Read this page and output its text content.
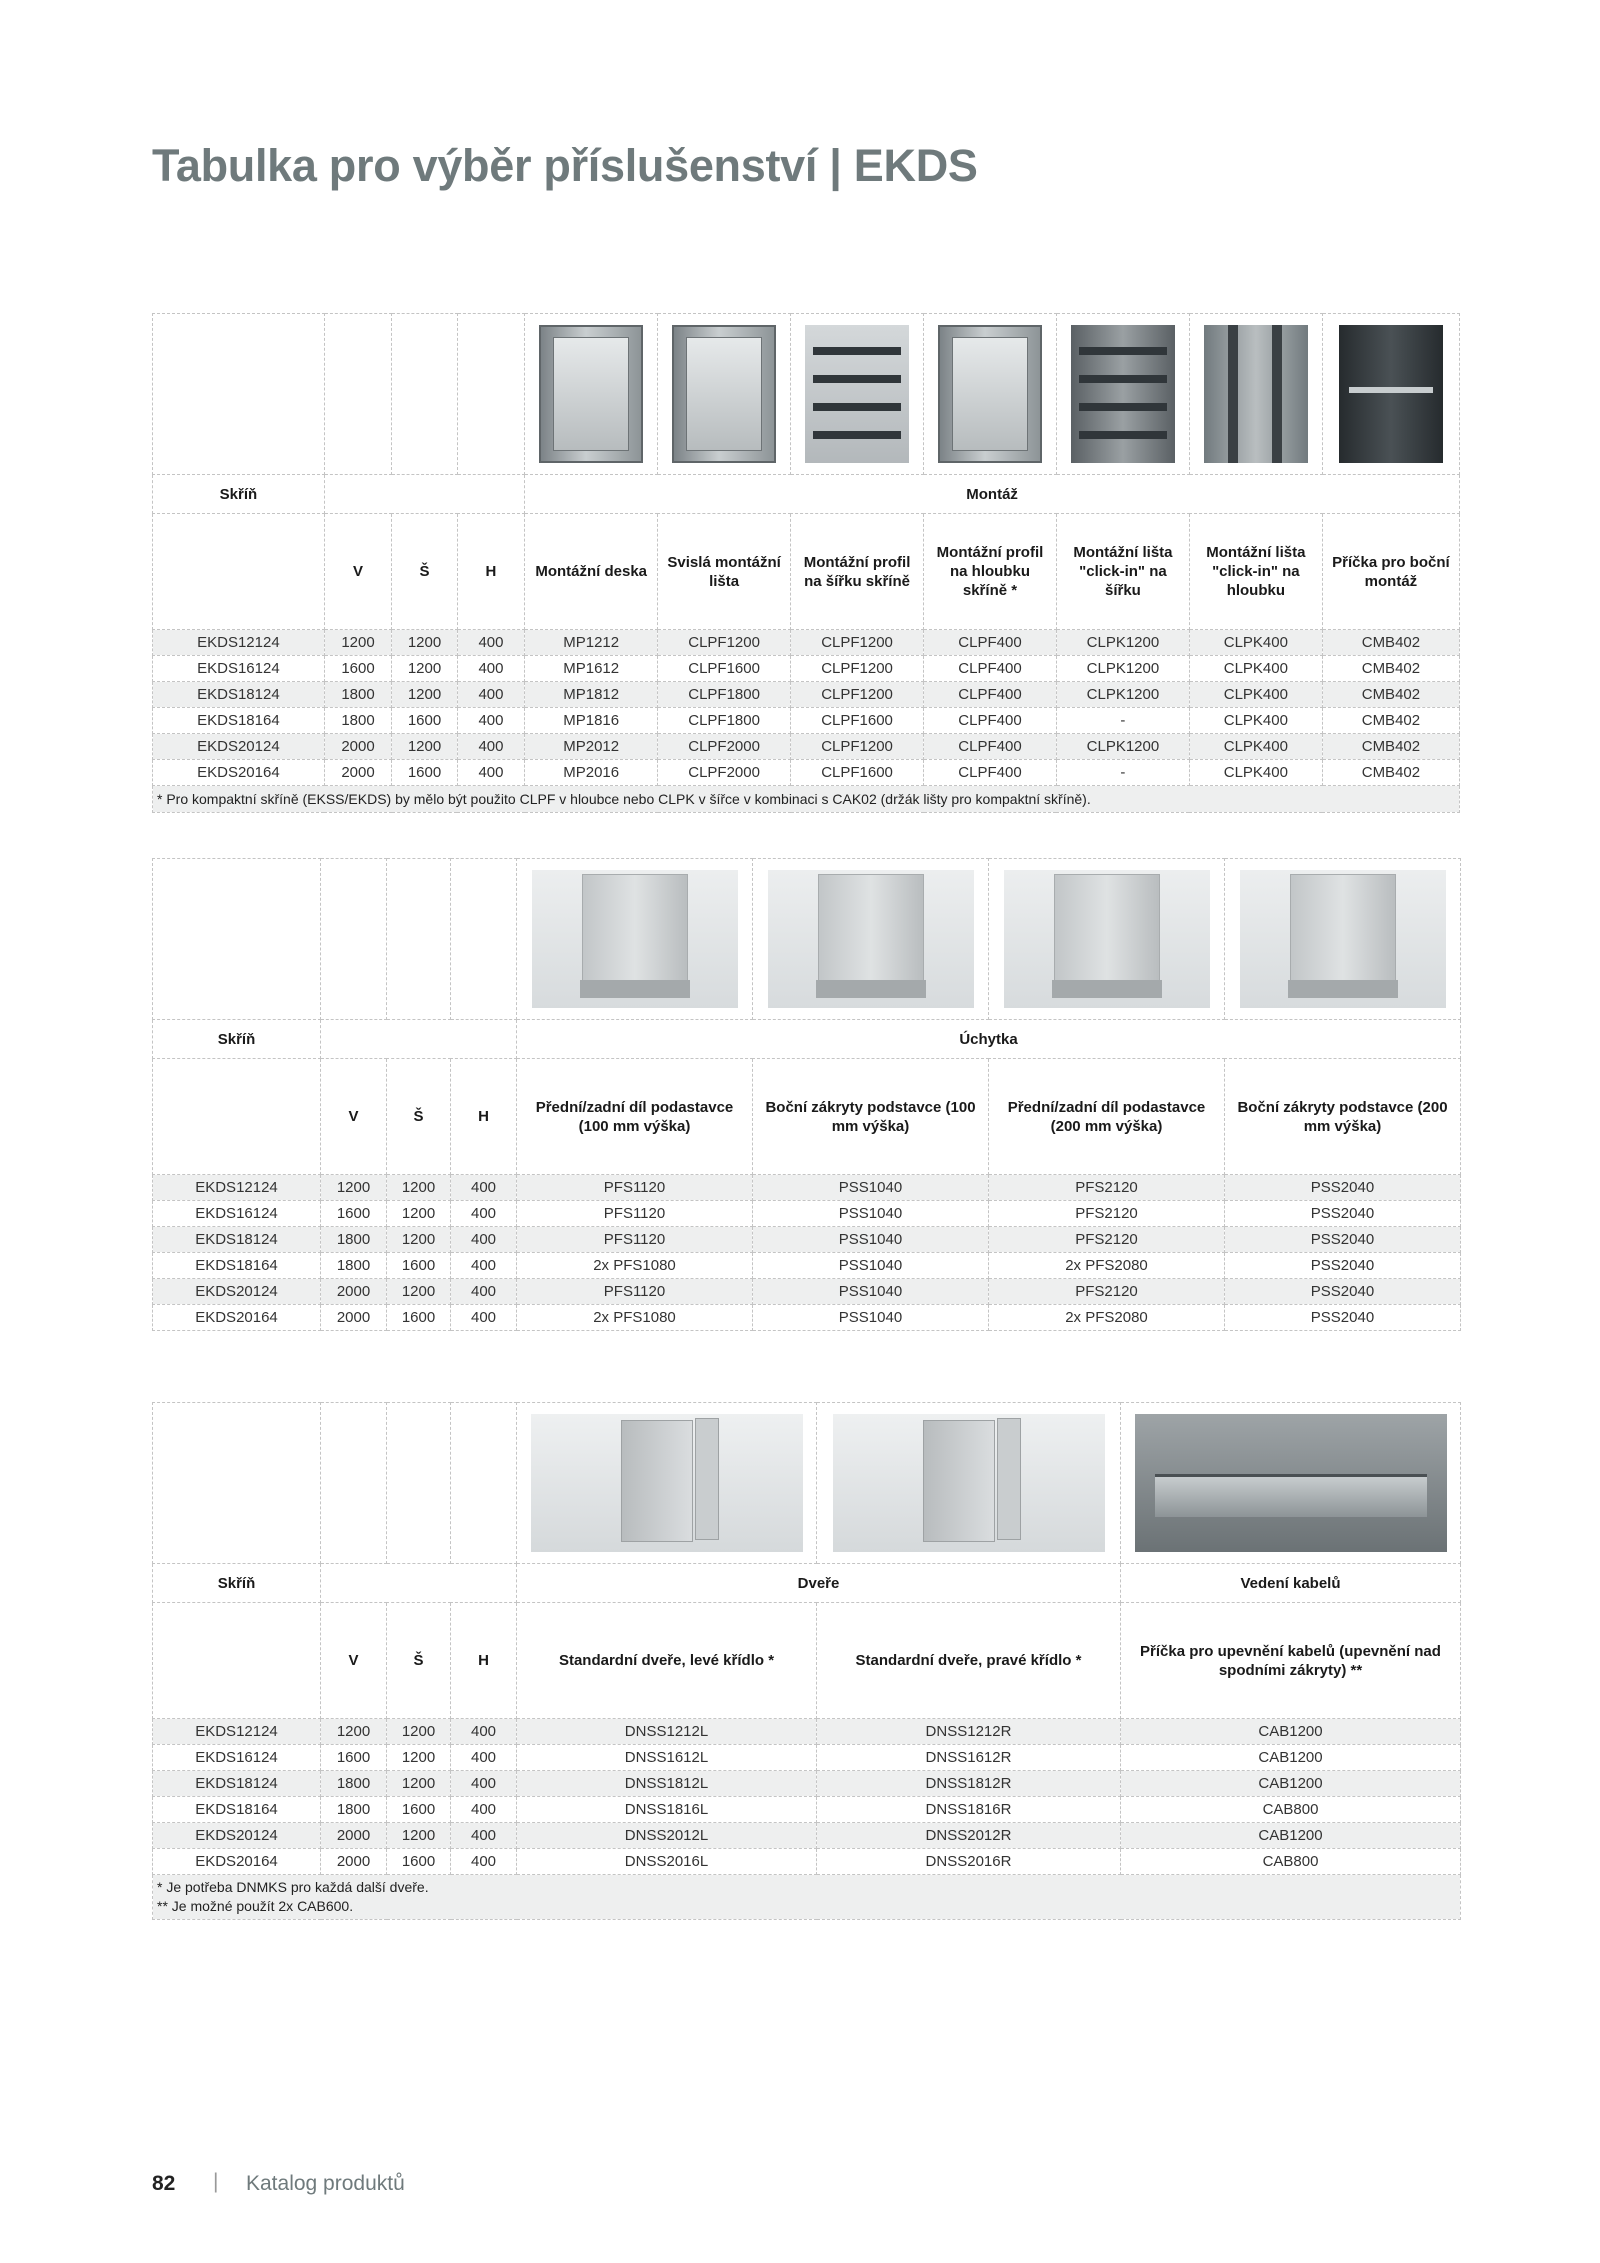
Tabulka pro výběr příslušenství | EKDS

Skříň				Montáž						
	V	Š	H	Montážní deska	Svislá montážní lišta	Montážní profil na šířku skříně	Montážní profil na hloubku skříně *	Montážní lišta "click-in" na šířku	Montážní lišta "click-in" na hloubku	Příčka pro boční montáž
EKDS12124	1200	1200	400	MP1212	CLPF1200	CLPF1200	CLPF400	CLPK1200	CLPK400	CMB402
EKDS16124	1600	1200	400	MP1612	CLPF1600	CLPF1200	CLPF400	CLPK1200	CLPK400	CMB402
EKDS18124	1800	1200	400	MP1812	CLPF1800	CLPF1200	CLPF400	CLPK1200	CLPK400	CMB402
EKDS18164	1800	1600	400	MP1816	CLPF1800	CLPF1600	CLPF400	-	CLPK400	CMB402
EKDS20124	2000	1200	400	MP2012	CLPF2000	CLPF1200	CLPF400	CLPK1200	CLPK400	CMB402
EKDS20164	2000	1600	400	MP2016	CLPF2000	CLPF1600	CLPF400	-	CLPK400	CMB402
* Pro kompaktní skříně (EKSS/EKDS) by mělo být použito CLPF v hloubce nebo CLPK v šířce v kombinaci s CAK02 (držák lišty pro kompaktní skříně).										

Skříň				Úchytka			
	V	Š	H	Přední/zadní díl podastavce (100 mm výška)	Boční zákryty podstavce (100 mm výška)	Přední/zadní díl podastavce (200 mm výška)	Boční zákryty podstavce (200 mm výška)
EKDS12124	1200	1200	400	PFS1120	PSS1040	PFS2120	PSS2040
EKDS16124	1600	1200	400	PFS1120	PSS1040	PFS2120	PSS2040
EKDS18124	1800	1200	400	PFS1120	PSS1040	PFS2120	PSS2040
EKDS18164	1800	1600	400	2x PFS1080	PSS1040	2x PFS2080	PSS2040
EKDS20124	2000	1200	400	PFS1120	PSS1040	PFS2120	PSS2040
EKDS20164	2000	1600	400	2x PFS1080	PSS1040	2x PFS2080	PSS2040

Skříň				Dveře		Vedení kabelů
	V	Š	H	Standardní dveře, levé křídlo *	Standardní dveře, pravé křídlo *	Příčka pro upevnění kabelů (upevnění nad spodními zákryty) **
EKDS12124	1200	1200	400	DNSS1212L	DNSS1212R	CAB1200
EKDS16124	1600	1200	400	DNSS1612L	DNSS1612R	CAB1200
EKDS18124	1800	1200	400	DNSS1812L	DNSS1812R	CAB1200
EKDS18164	1800	1600	400	DNSS1816L	DNSS1816R	CAB800
EKDS20124	2000	1200	400	DNSS2012L	DNSS2012R	CAB1200
EKDS20164	2000	1600	400	DNSS2016L	DNSS2016R	CAB800

* Je potřeba DNMKS pro každá další dveře.
** Je možné použít 2x CAB600.						
82 | Katalog produktů
